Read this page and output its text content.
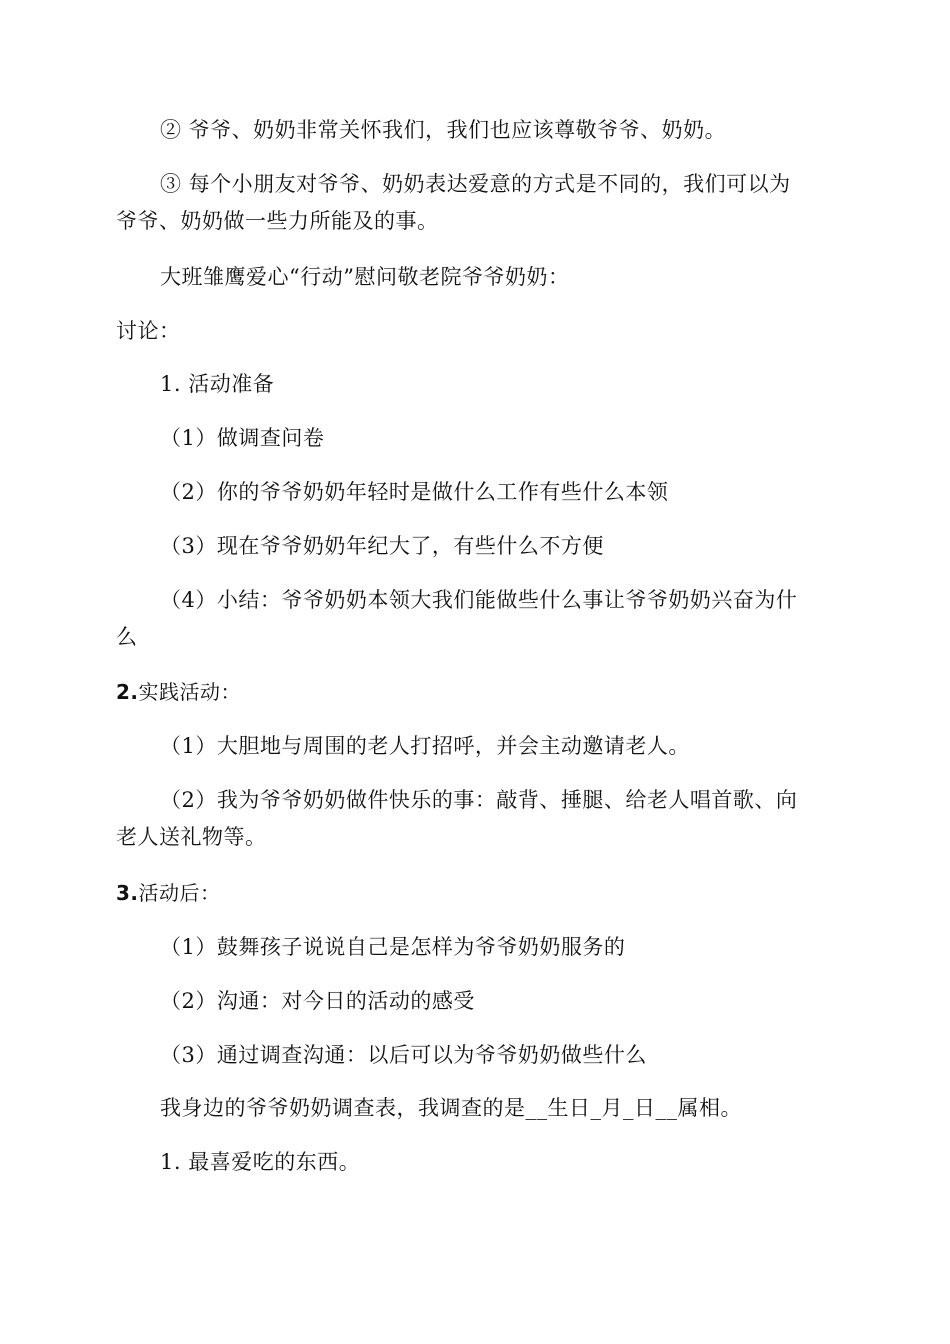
② 爷爷、奶奶非常关怀我们，我们也应该尊敬爷爷、奶奶。
③ 每个小朋友对爷爷、奶奶表达爱意的方式是不同的，我们可以为
爷爷、奶奶做一些力所能及的事。
大班雏鹰爱心“行动”慰问敬老院爷爷奶奶：
讨论：
1. 活动准备
（1）做调查问卷
（2）你的爷爷奶奶年轻时是做什么工作有些什么本领
（3）现在爷爷奶奶年纪大了，有些什么不方便
（4）小结：爷爷奶奶本领大我们能做些什么事让爷爷奶奶兴奋为什
么
2.实践活动：
（1）大胆地与周围的老人打招呼，并会主动邀请老人。
（2）我为爷爷奶奶做件快乐的事：敲背、捶腿、给老人唱首歌、向
老人送礼物等。
3.活动后：
（1）鼓舞孩子说说自己是怎样为爷爷奶奶服务的
（2）沟通：对今日的活动的感受
（3）通过调查沟通：以后可以为爷爷奶奶做些什么
我身边的爷爷奶奶调查表，我调查的是__生日_月_日__属相。
1. 最喜爱吃的东西。
